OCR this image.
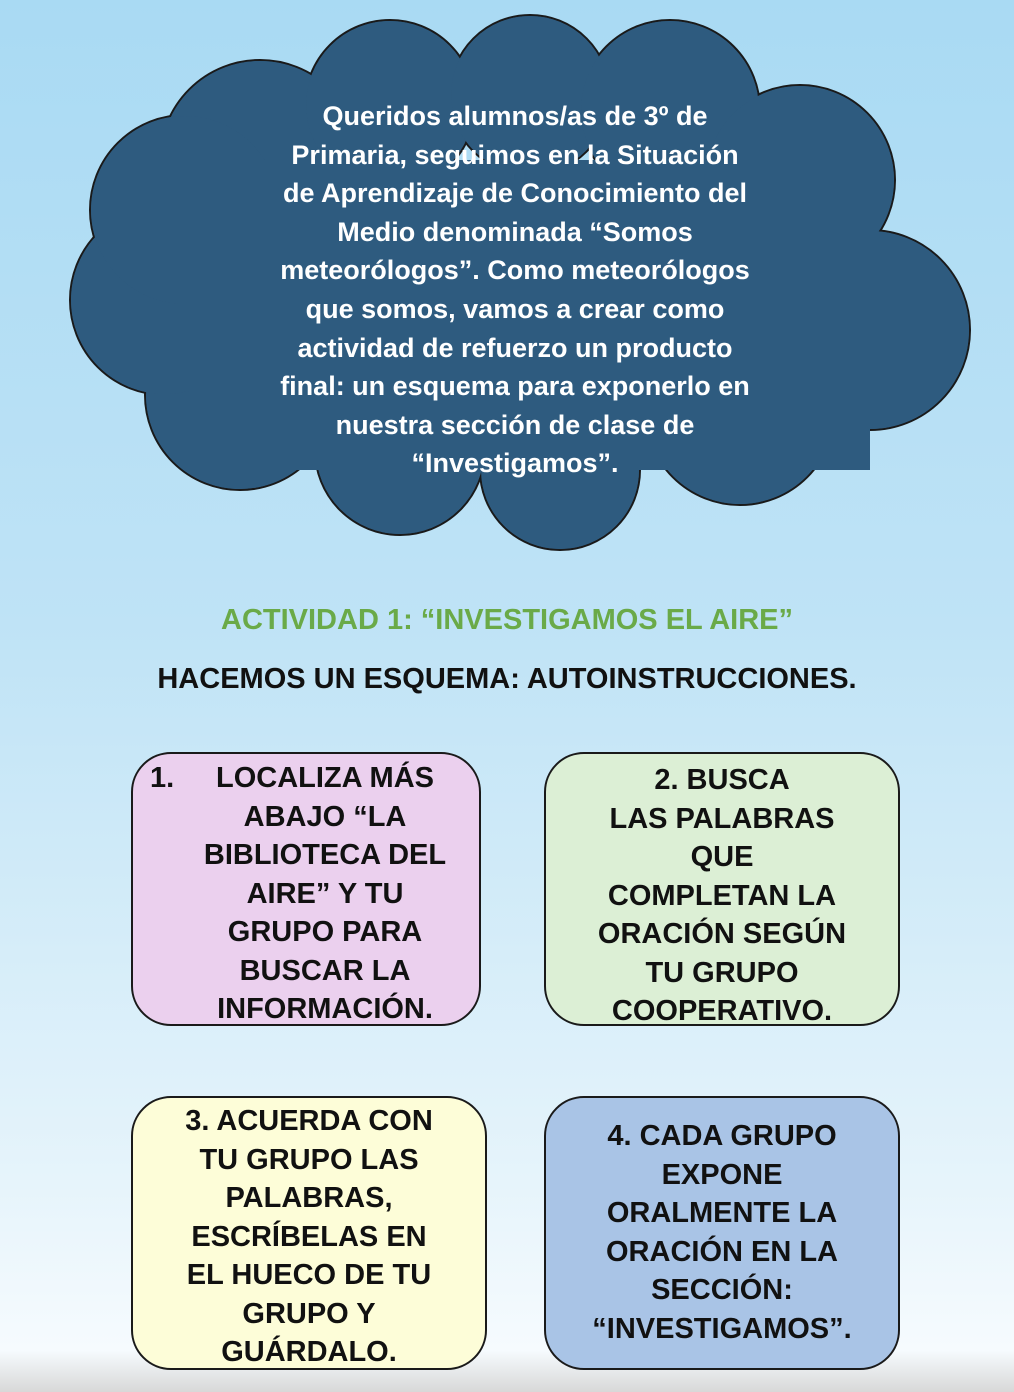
Queridos alumnos/as de 3º de
Primaria, seguimos en la Situación
de Aprendizaje de Conocimiento del
Medio denominada “Somos
meteorólogos”. Como meteorólogos
que somos, vamos a crear como
actividad de refuerzo un producto
final: un esquema para exponerlo en
nuestra sección de clase de
“Investigamos”.
ACTIVIDAD 1: “INVESTIGAMOS EL AIRE”
HACEMOS UN ESQUEMA: AUTOINSTRUCCIONES.
1.	LOCALIZA MÁS
ABAJO “LA
BIBLIOTECA DEL
AIRE” Y TU
GRUPO PARA
BUSCAR LA
INFORMACIÓN.
2. BUSCA
LAS PALABRAS
QUE
COMPLETAN LA
ORACIÓN SEGÚN
TU GRUPO
COOPERATIVO.
3. ACUERDA CON
TU GRUPO LAS
PALABRAS,
ESCRÍBELAS EN
EL HUECO DE TU
GRUPO Y
GUÁRDALO.
4. CADA GRUPO
EXPONE
ORALMENTE LA
ORACIÓN EN LA
SECCIÓN:
“INVESTIGAMOS”.
